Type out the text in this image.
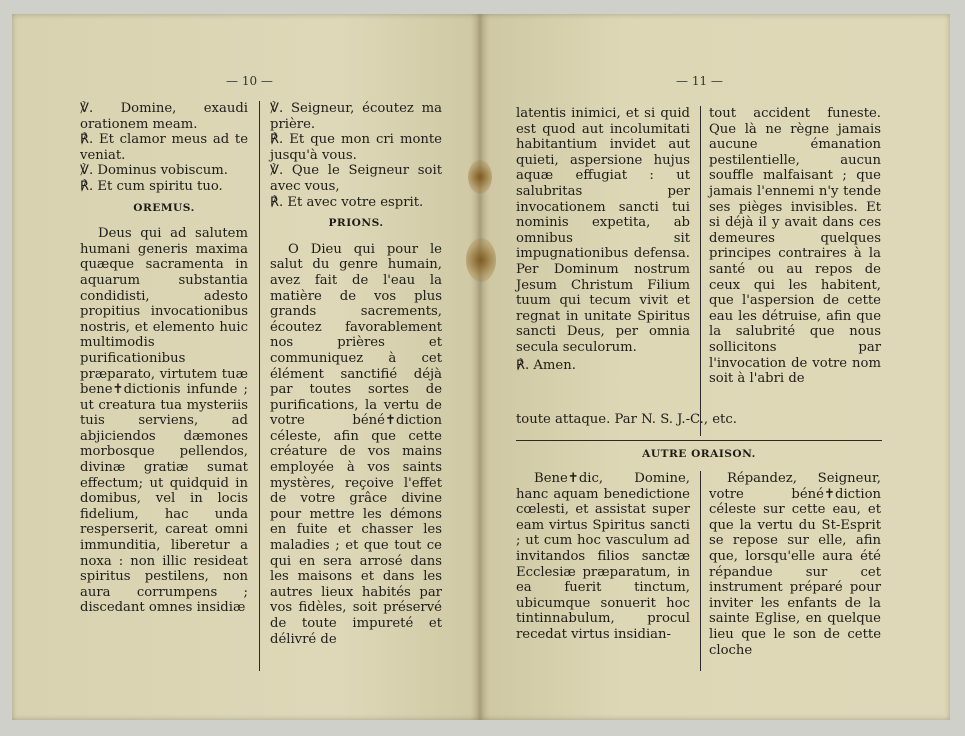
— 10 —	— 11 —

℣. Domine, exaudi orationem meam.

℟. Et clamor meus ad te veniat.

℣. Dominus vobiscum.

℟. Et cum spiritu tuo.

OREMUS.

Deus qui ad salutem humani generis maxima quæque sacramenta in aquarum substantia condidisti, adesto propitius invocationibus nostris, et elemento huic multimodis purificationibus præparato, virtutem tuæ bene✝dictionis infunde ; ut creatura tua mysteriis tuis serviens, ad abjiciendos dæmones morbosque pellendos, divinæ gratiæ sumat effectum; ut quidquid in domibus, vel in locis fidelium, hac unda resperserit, careat omni immunditia, liberetur a noxa : non illic resideat spiritus pestilens, non aura corrumpens ; discedant omnes insidiæ

℣. Seigneur, écoutez ma prière.

℟. Et que mon cri monte jusqu'à vous.

℣. Que le Seigneur soit avec vous,

℟. Et avec votre esprit.

PRIONS.

O Dieu qui pour le salut du genre humain, avez fait de l'eau la matière de vos plus grands sacrements, écoutez favorablement nos prières et communiquez à cet élément sanctifié déjà par toutes sortes de purifications, la vertu de votre béné✝diction céleste, afin que cette créature de vos mains employée à vos saints mystères, reçoive l'effet de votre grâce divine pour mettre les démons en fuite et chasser les maladies ; et que tout ce qui en sera arrosé dans les maisons et dans les autres lieux habités par vos fidèles, soit préservé de toute impureté et délivré de

latentis inimici, et si quid est quod aut incolumitati habitantium invidet aut quieti, aspersione hujus aquæ effugiat : ut salubritas per invocationem sancti tui nominis expetita, ab omnibus sit impugnationibus defensa. Per Dominum nostrum Jesum Christum Filium tuum qui tecum vivit et regnat in unitate Spiritus sancti Deus, per omnia secula seculorum.

℟. Amen.

tout accident funeste. Que là ne règne jamais aucune émanation pestilentielle, aucun souffle malfaisant ; que jamais l'ennemi n'y tende ses pièges invisibles. Et si déjà il y avait dans ces demeures quelques principes contraires à la santé ou au repos de ceux qui les habitent, que l'aspersion de cette eau les détruise, afin que la salubrité que nous sollicitons par l'invocation de votre nom soit à l'abri de

toute attaque. Par N. S. J.-C., etc.

AUTRE ORAISON.

Bene✝dic, Domine, hanc aquam benedictione cœlesti, et assistat super eam virtus Spiritus sancti ; ut cum hoc vasculum ad invitandos filios sanctæ Ecclesiæ præparatum, in ea fuerit tinctum, ubicumque sonuerit hoc tintinnabulum, procul recedat virtus insidian-

Répandez, Seigneur, votre béné✝diction céleste sur cette eau, et que la vertu du St-Esprit se repose sur elle, afin que, lorsqu'elle aura été répandue sur cet instrument préparé pour inviter les enfants de la sainte Eglise, en quelque lieu que le son de cette cloche
